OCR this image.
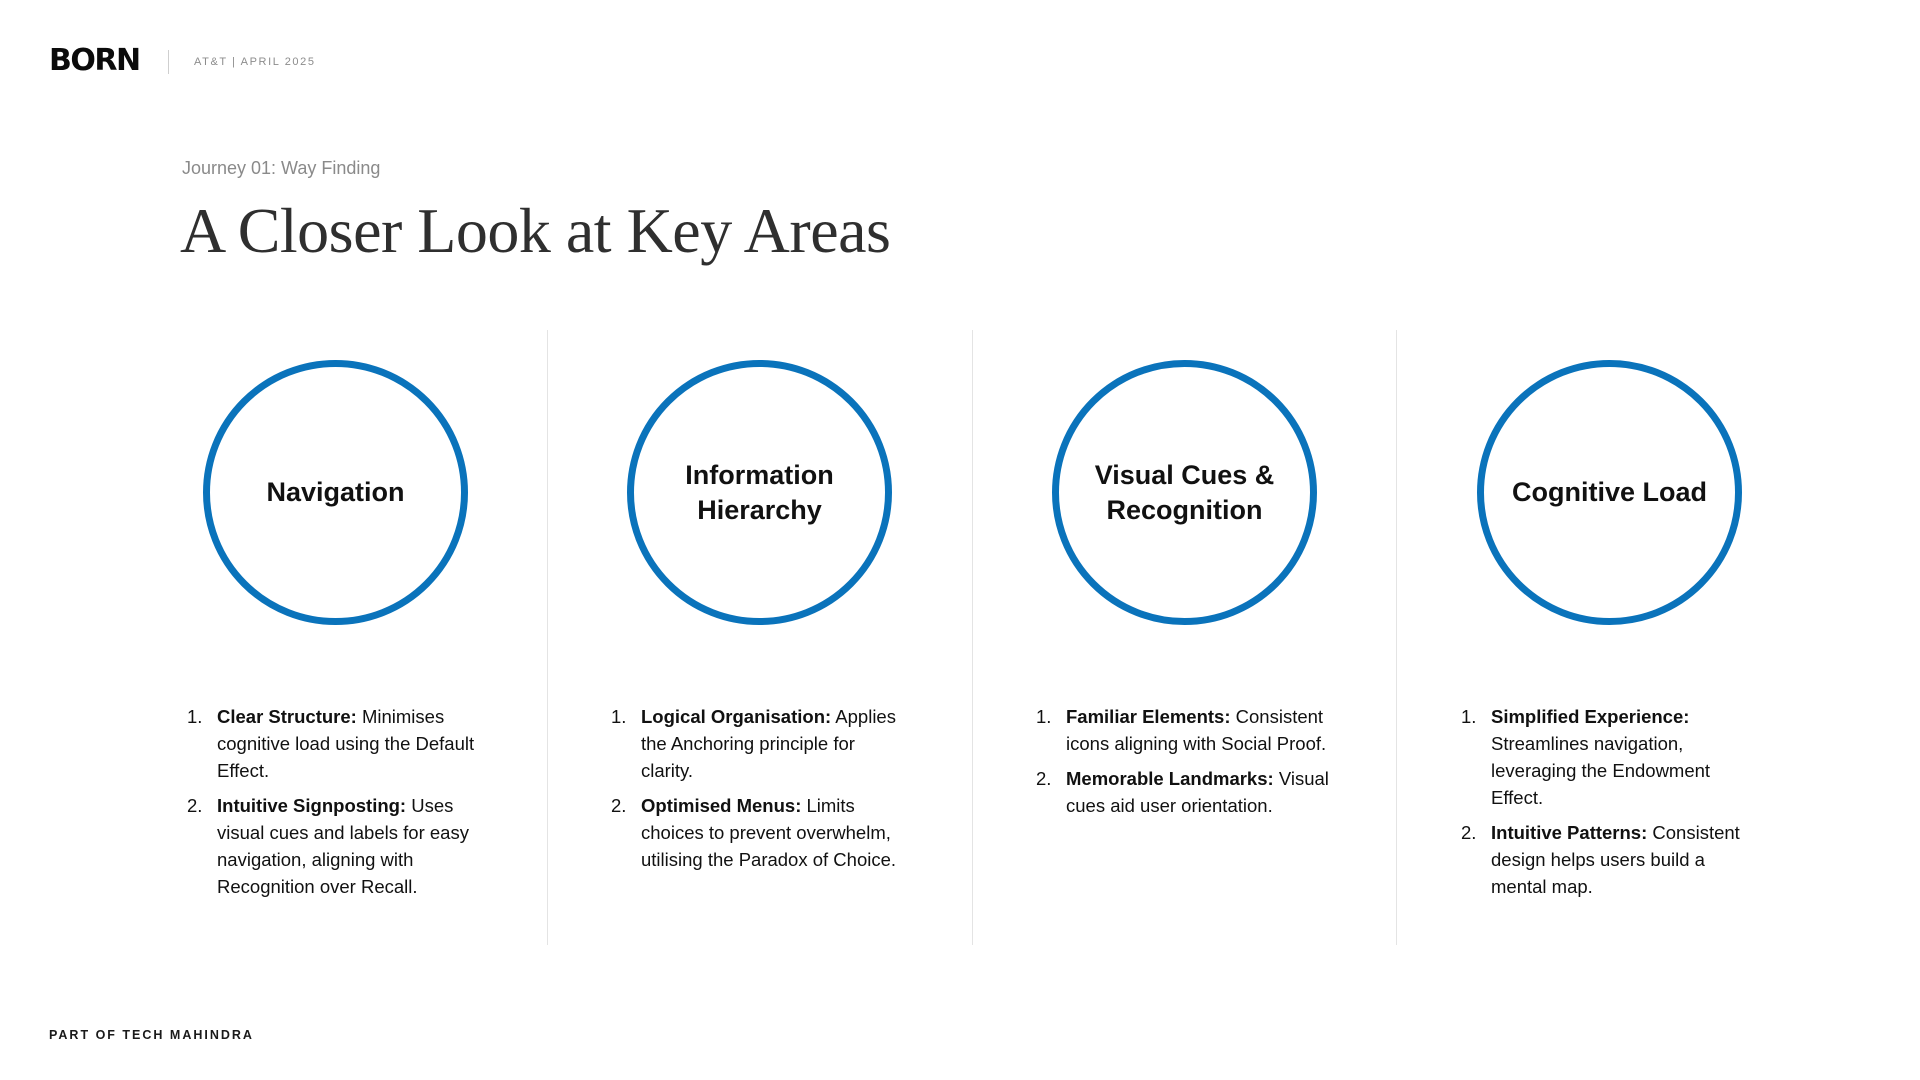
BORN	AT&T | APRIL 2025
Journey 01: Way Finding
A Closer Look at Key Areas
Navigation
1. Clear Structure: Minimises cognitive load using the Default Effect.
2. Intuitive Signposting: Uses visual cues and labels for easy navigation, aligning with Recognition over Recall.
Information Hierarchy
1. Logical Organisation: Applies the Anchoring principle for clarity.
2. Optimised Menus: Limits choices to prevent overwhelm, utilising the Paradox of Choice.
Visual Cues & Recognition
1. Familiar Elements: Consistent icons aligning with Social Proof.
2. Memorable Landmarks: Visual cues aid user orientation.
Cognitive Load
1. Simplified Experience: Streamlines navigation, leveraging the Endowment Effect.
2. Intuitive Patterns: Consistent design helps users build a mental map.
PART OF TECH MAHINDRA
